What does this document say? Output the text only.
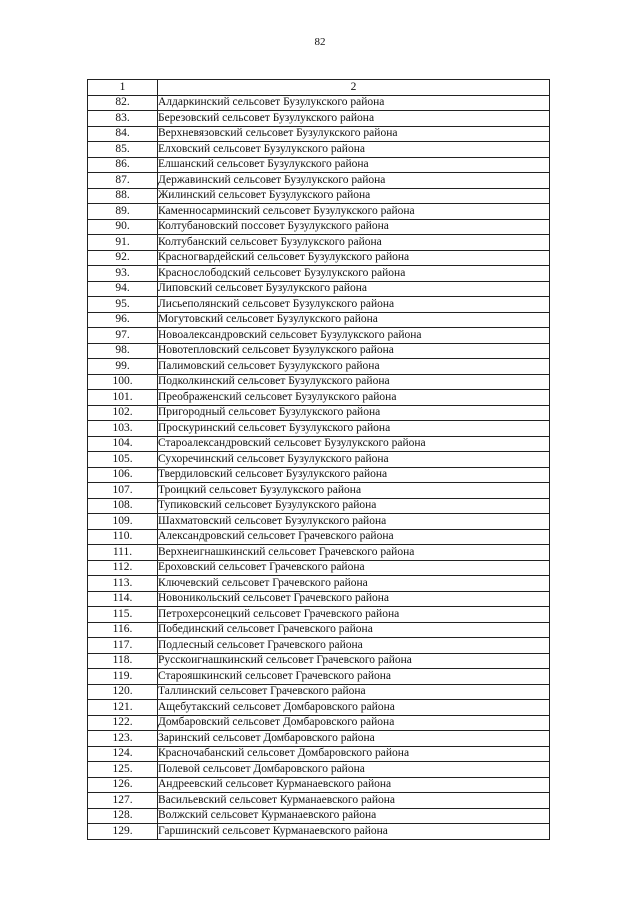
82
1	2
82.	Алдаркинский сельсовет Бузулукского района
83.	Березовский сельсовет Бузулукского района
84.	Верхневязовский сельсовет Бузулукского района
85.	Елховский сельсовет Бузулукского района
86.	Елшанский сельсовет Бузулукского района
87.	Державинский сельсовет Бузулукского района
88.	Жилинский сельсовет Бузулукского района
89.	Каменносарминский сельсовет Бузулукского района
90.	Колтубановский поссовет Бузулукского района
91.	Колтубанский сельсовет Бузулукского района
92.	Красногвардейский сельсовет Бузулукского района
93.	Краснослободский сельсовет Бузулукского района
94.	Липовский сельсовет Бузулукского района
95.	Лисьеполянский сельсовет Бузулукского района
96.	Могутовский сельсовет Бузулукского района
97.	Новоалександровский сельсовет Бузулукского района
98.	Новотепловский сельсовет Бузулукского района
99.	Палимовский сельсовет Бузулукского района
100.	Подколкинский сельсовет Бузулукского района
101.	Преображенский сельсовет Бузулукского района
102.	Пригородный сельсовет Бузулукского района
103.	Проскуринский сельсовет Бузулукского района
104.	Староалександровский сельсовет Бузулукского района
105.	Сухоречинский сельсовет Бузулукского района
106.	Твердиловский сельсовет Бузулукского района
107.	Троицкий сельсовет Бузулукского района
108.	Тупиковский сельсовет Бузулукского района
109.	Шахматовский сельсовет Бузулукского района
110.	Александровский сельсовет Грачевского района
111.	Верхнеигнашкинский сельсовет Грачевского района
112.	Ероховский сельсовет Грачевского района
113.	Ключевский сельсовет Грачевского района
114.	Новоникольский сельсовет Грачевского района
115.	Петрохерсонецкий сельсовет Грачевского района
116.	Побединский сельсовет Грачевского района
117.	Подлесный сельсовет Грачевского района
118.	Русскоигнашкинский сельсовет Грачевского района
119.	Старояшкинский сельсовет Грачевского района
120.	Таллинский сельсовет Грачевского района
121.	Ащебутакский сельсовет Домбаровского района
122.	Домбаровский сельсовет Домбаровского района
123.	Заринский сельсовет Домбаровского района
124.	Красночабанский сельсовет Домбаровского района
125.	Полевой сельсовет Домбаровского района
126.	Андреевский сельсовет Курманаевского района
127.	Васильевский сельсовет Курманаевского района
128.	Волжский сельсовет Курманаевского района
129.	Гаршинский сельсовет Курманаевского района
